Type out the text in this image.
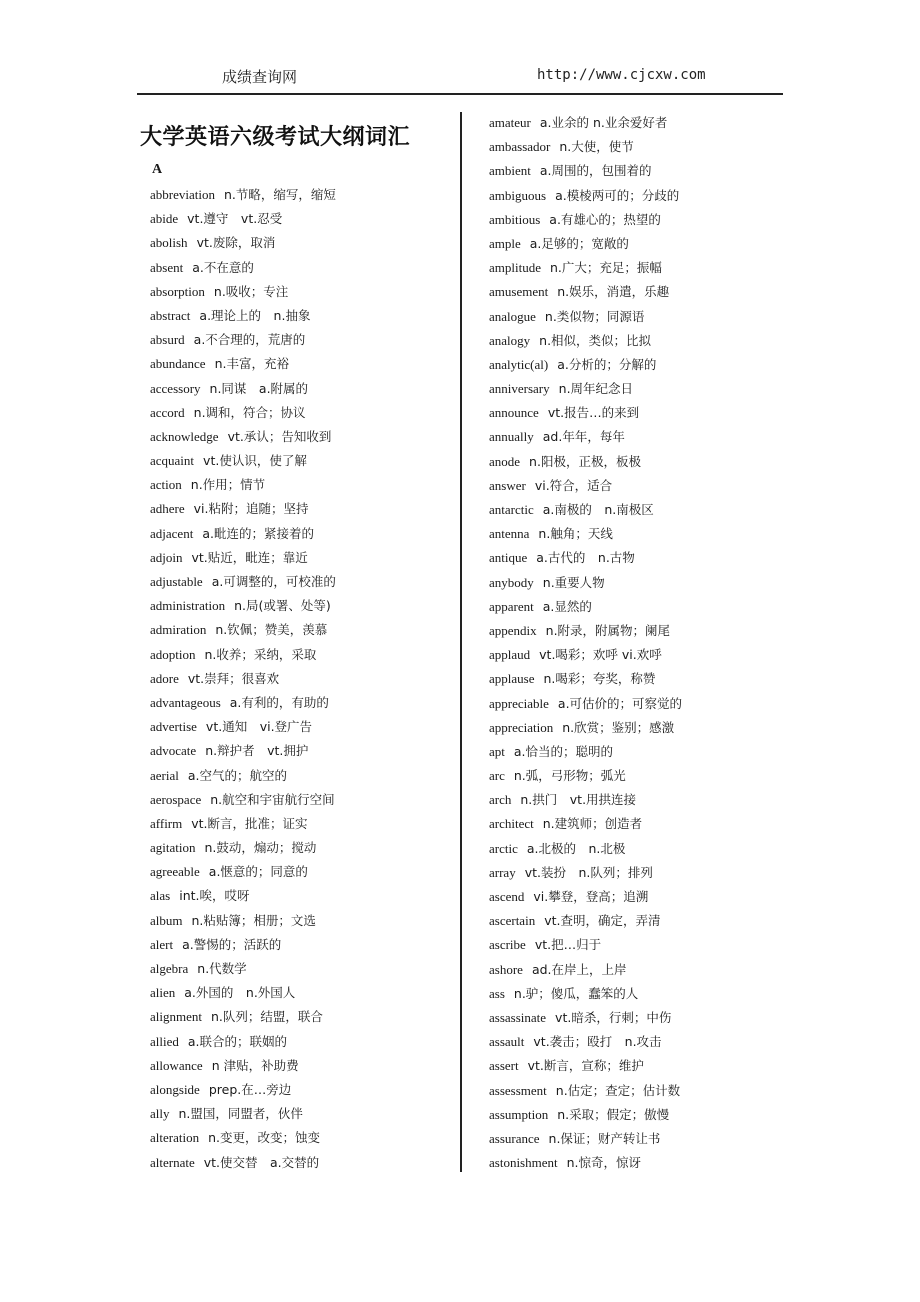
成绩查询网	http://www.cjcxw.com
大学英语六级考试大纲词汇
A
abbreviation n.节略，缩写，缩短
abide vt.遵守　vt.忍受
abolish vt.废除，取消
absent a.不在意的
absorption n.吸收；专注
abstract a.理论上的　n.抽象
absurd a.不合理的，荒唐的
abundance n.丰富，充裕
accessory n.同谋　a.附属的
accord n.调和，符合；协议
acknowledge vt.承认；告知收到
acquaint vt.使认识，使了解
action n.作用；情节
adhere vi.粘附；追随；坚持
adjacent a.毗连的；紧接着的
adjoin vt.贴近，毗连；靠近
adjustable a.可调整的，可校准的
administration n.局(或署、处等)
admiration n.钦佩；赞美，羡慕
adoption n.收养；采纳，采取
adore vt.崇拜；很喜欢
advantageous a.有利的，有助的
advertise vt.通知　vi.登广告
advocate n.辩护者　vt.拥护
aerial a.空气的；航空的
aerospace n.航空和宇宙航行空间
affirm vt.断言，批准；证实
agitation n.鼓动，煽动；搅动
agreeable a.惬意的；同意的
alas int.唉，哎呀
album n.粘贴簿；相册；文选
alert a.警惕的；活跃的
algebra n.代数学
alien a.外国的　n.外国人
alignment n.队列；结盟，联合
allied a.联合的；联姻的
allowance n 津贴，补助费
alongside prep.在…旁边
ally n.盟国，同盟者，伙伴
alteration n.变更，改变；蚀变
alternate vt.使交替　a.交替的
amateur a.业余的 n.业余爱好者
ambassador n.大使，使节
ambient a.周围的，包围着的
ambiguous a.模棱两可的；分歧的
ambitious a.有雄心的；热望的
ample a.足够的；宽敞的
amplitude n.广大；充足；振幅
amusement n.娱乐，消遣，乐趣
analogue n.类似物；同源语
analogy n.相似，类似；比拟
analytic(al) a.分析的；分解的
anniversary n.周年纪念日
announce vt.报告…的来到
annually ad.年年，每年
anode n.阳极，正极，板极
answer vi.符合，适合
antarctic a.南极的　n.南极区
antenna n.触角；天线
antique a.古代的　n.古物
anybody n.重要人物
apparent a.显然的
appendix n.附录，附属物；阑尾
applaud vt.喝彩；欢呼 vi.欢呼
applause n.喝彩；夸奖，称赞
appreciable a.可估价的；可察觉的
appreciation n.欣赏；鉴别；感激
apt a.恰当的；聪明的
arc n.弧，弓形物；弧光
arch n.拱门　vt.用拱连接
architect n.建筑师；创造者
arctic a.北极的　n.北极
array vt.装扮　n.队列；排列
ascend vi.攀登，登高；追溯
ascertain vt.查明，确定，弄清
ascribe vt.把…归于
ashore ad.在岸上，上岸
ass n.驴；傻瓜，蠢笨的人
assassinate vt.暗杀，行刺；中伤
assault vt.袭击；殴打　n.攻击
assert vt.断言，宣称；维护
assessment n.估定；查定；估计数
assumption n.采取；假定；傲慢
assurance n.保证；财产转让书
astonishment n.惊奇，惊讶
